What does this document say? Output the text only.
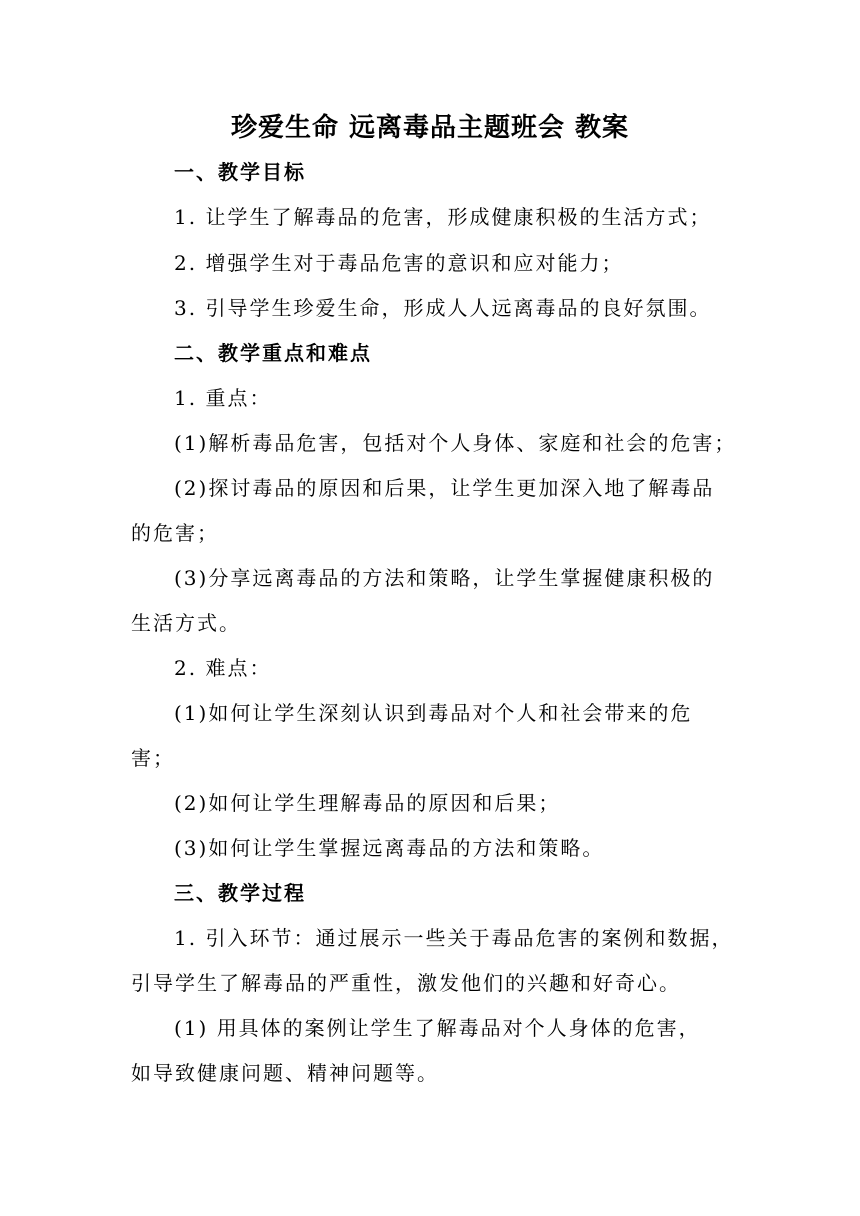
珍爱生命 远离毒品主题班会 教案
一、教学目标
1. 让学生了解毒品的危害，形成健康积极的生活方式；
2. 增强学生对于毒品危害的意识和应对能力；
3. 引导学生珍爱生命，形成人人远离毒品的良好氛围。
二、教学重点和难点
1. 重点：
(1)解析毒品危害，包括对个人身体、家庭和社会的危害；
(2)探讨毒品的原因和后果，让学生更加深入地了解毒品
的危害；
(3)分享远离毒品的方法和策略，让学生掌握健康积极的
生活方式。
2. 难点：
(1)如何让学生深刻认识到毒品对个人和社会带来的危
害；
(2)如何让学生理解毒品的原因和后果；
(3)如何让学生掌握远离毒品的方法和策略。
三、教学过程
1. 引入环节：通过展示一些关于毒品危害的案例和数据，
引导学生了解毒品的严重性，激发他们的兴趣和好奇心。
(1) 用具体的案例让学生了解毒品对个人身体的危害，
如导致健康问题、精神问题等。
